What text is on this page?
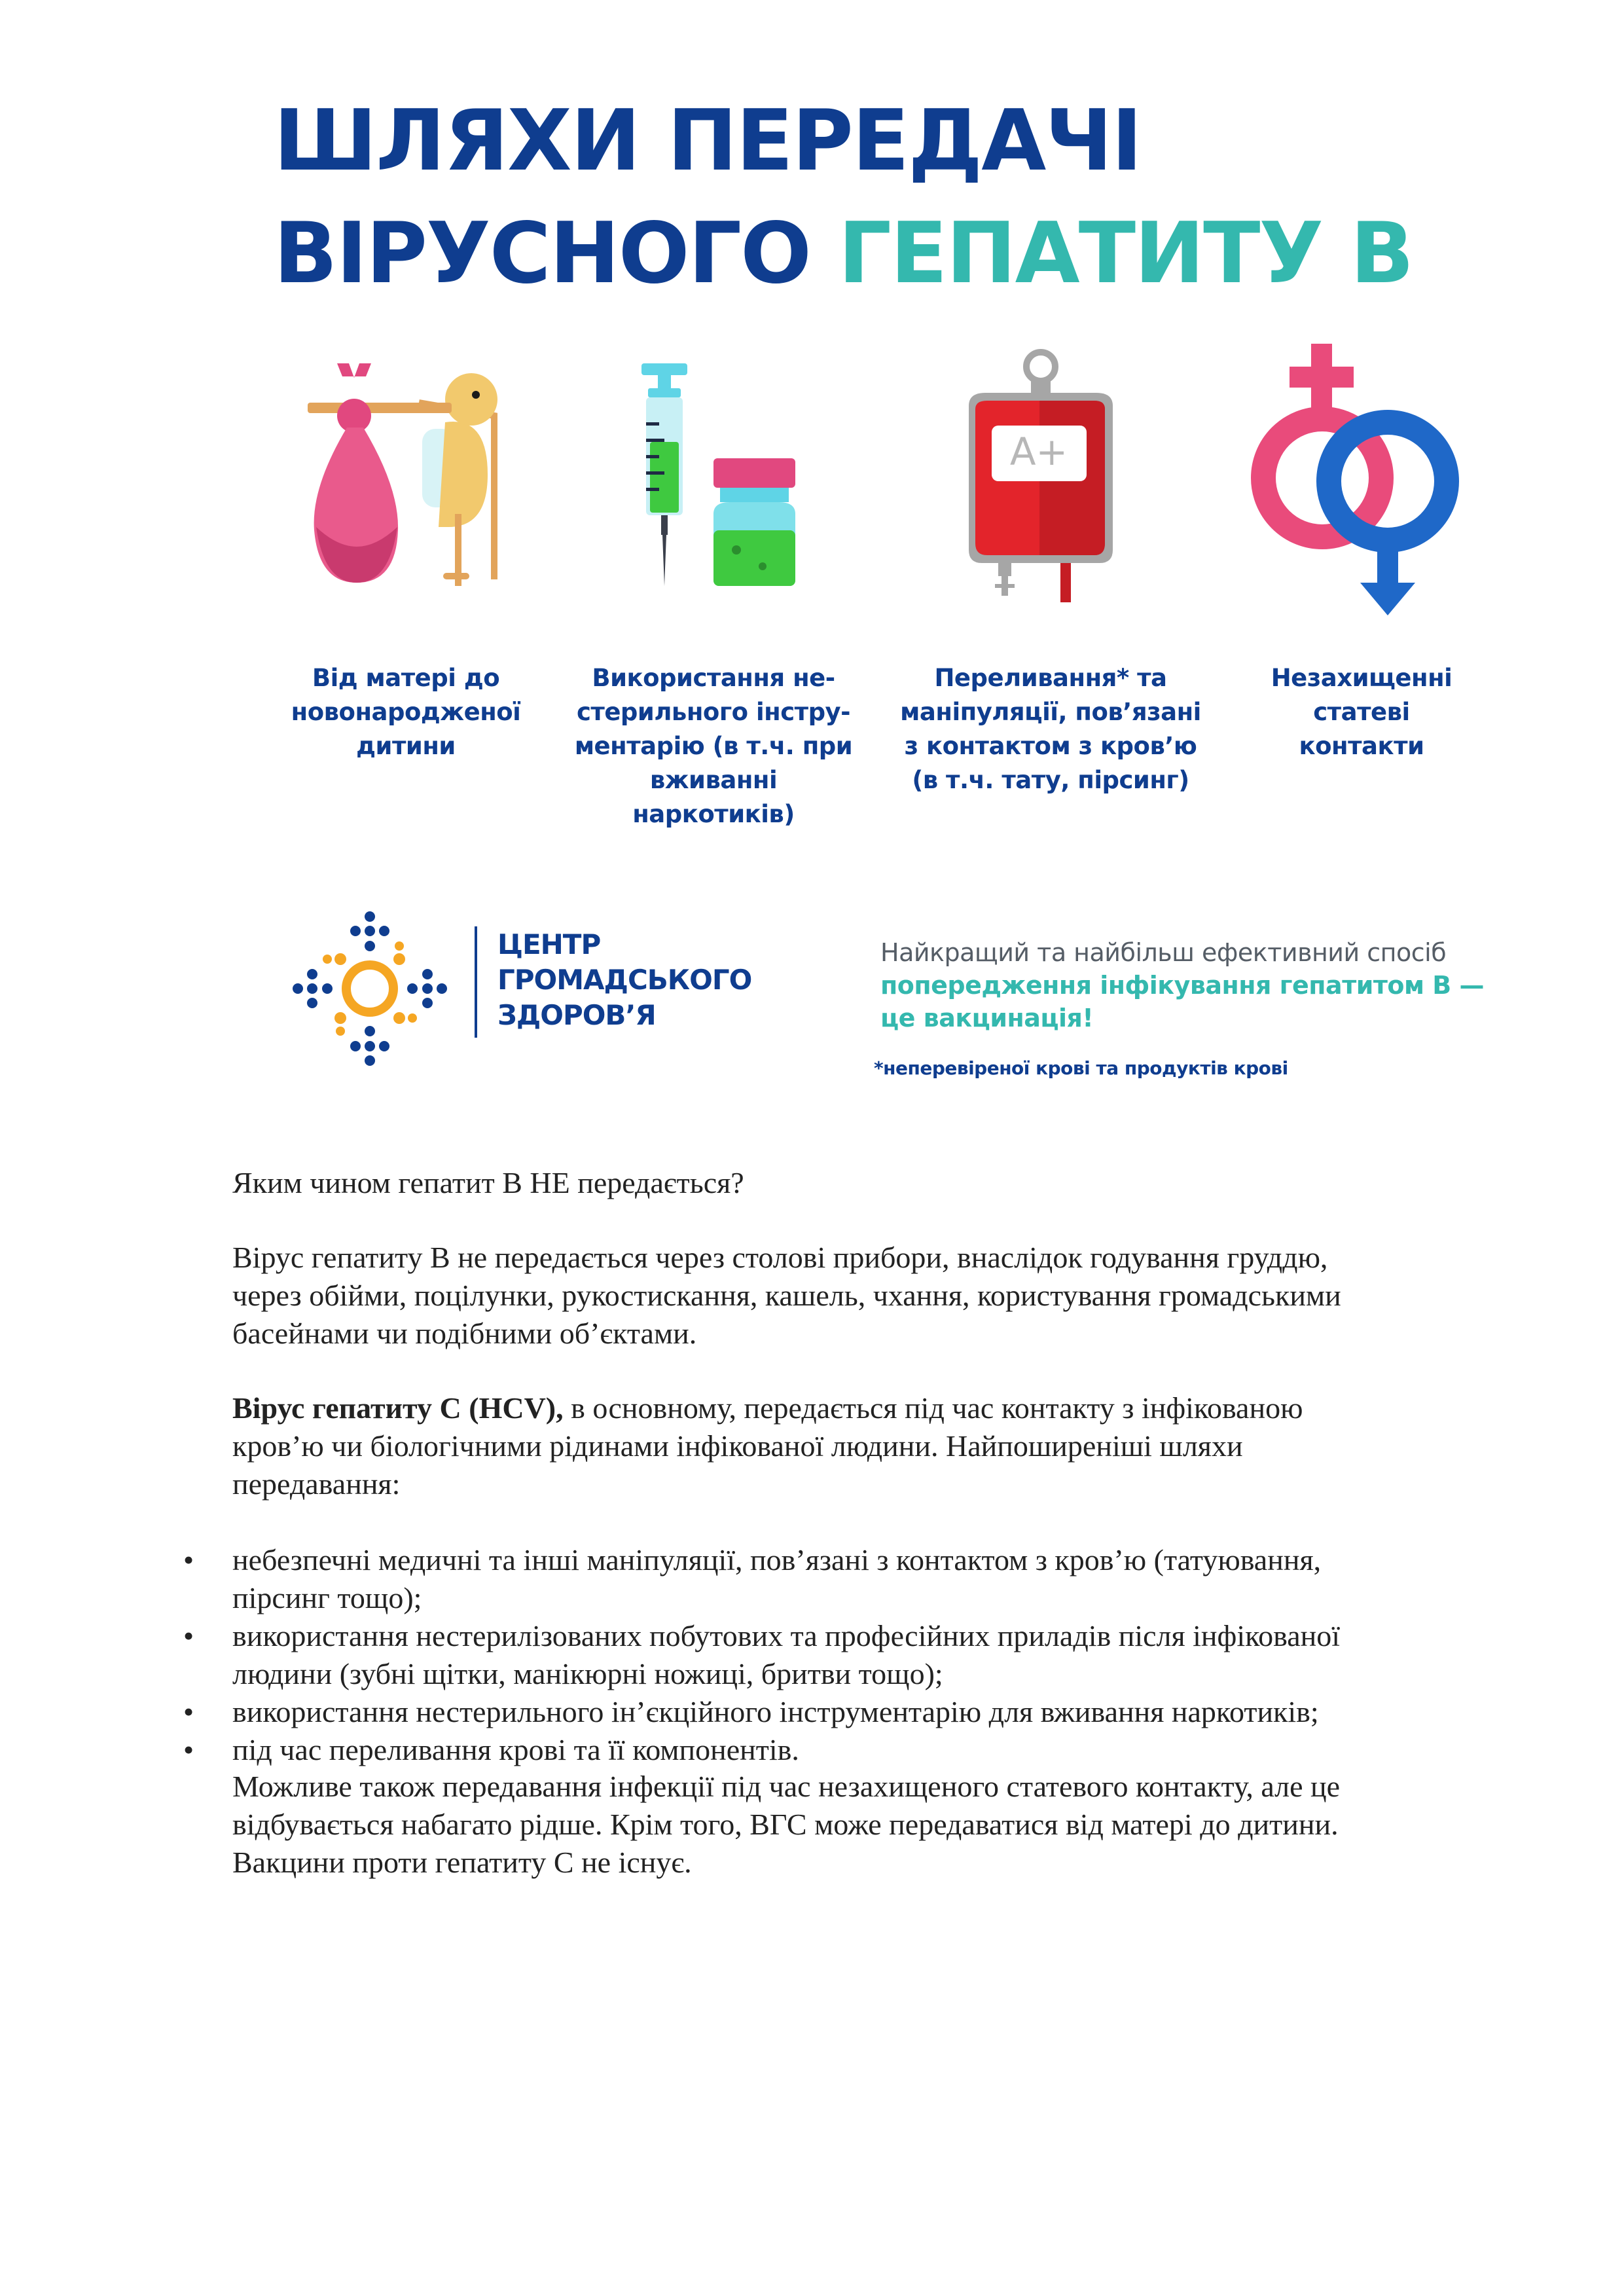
ШЛЯХИ ПЕРЕДАЧІ
ВІРУСНОГО ГЕПАТИТУ В
A+
Від матері до
новонародженої
дитини
Використання не-
стерильного інстру-
ментарію (в т.ч. при
вживанні наркотиків)
Переливання* та
маніпуляції, пов’язані
з контактом з кров’ю
(в т.ч. тату, пірсинг)
Незахищенні
статеві
контакти
ЦЕНТР
ГРОМАДСЬКОГО
ЗДОРОВ’Я
Найкращий та найбільш ефективний спосіб
попередження інфікування гепатитом В — це вакцинація!
*неперевіреної крові та продуктів крові

Яким чином гепатит В НЕ передається?

Вірус гепатиту В не передається через столові прибори, внаслідок годування груддю,
через обійми, поцілунки, рукостискання, кашель, чхання, користування громадськими
басейнами чи подібними об’єктами.

Вірус гепатиту С (HCV), в основному, передається під час контакту з інфікованою
кров’ю чи біологічними рідинами інфікованої людини. Найпоширеніші шляхи
передавання:

• небезпечні медичні та інші маніпуляції, пов’язані з контактом з кров’ю (татуювання,
пірсинг тощо);
• використання нестерилізованих побутових та професійних приладів після інфікованої
людини (зубні щітки, манікюрні ножиці, бритви тощо);
• використання нестерильного ін’єкційного інструментарію для вживання наркотиків;
• під час переливання крові та її компонентів.

Можливе також передавання інфекції під час незахищеного статевого контакту, але це відбувається набагато рідше. Крім того, ВГС може передаватися від матері до дитини.
Вакцини проти гепатиту С не існує.
